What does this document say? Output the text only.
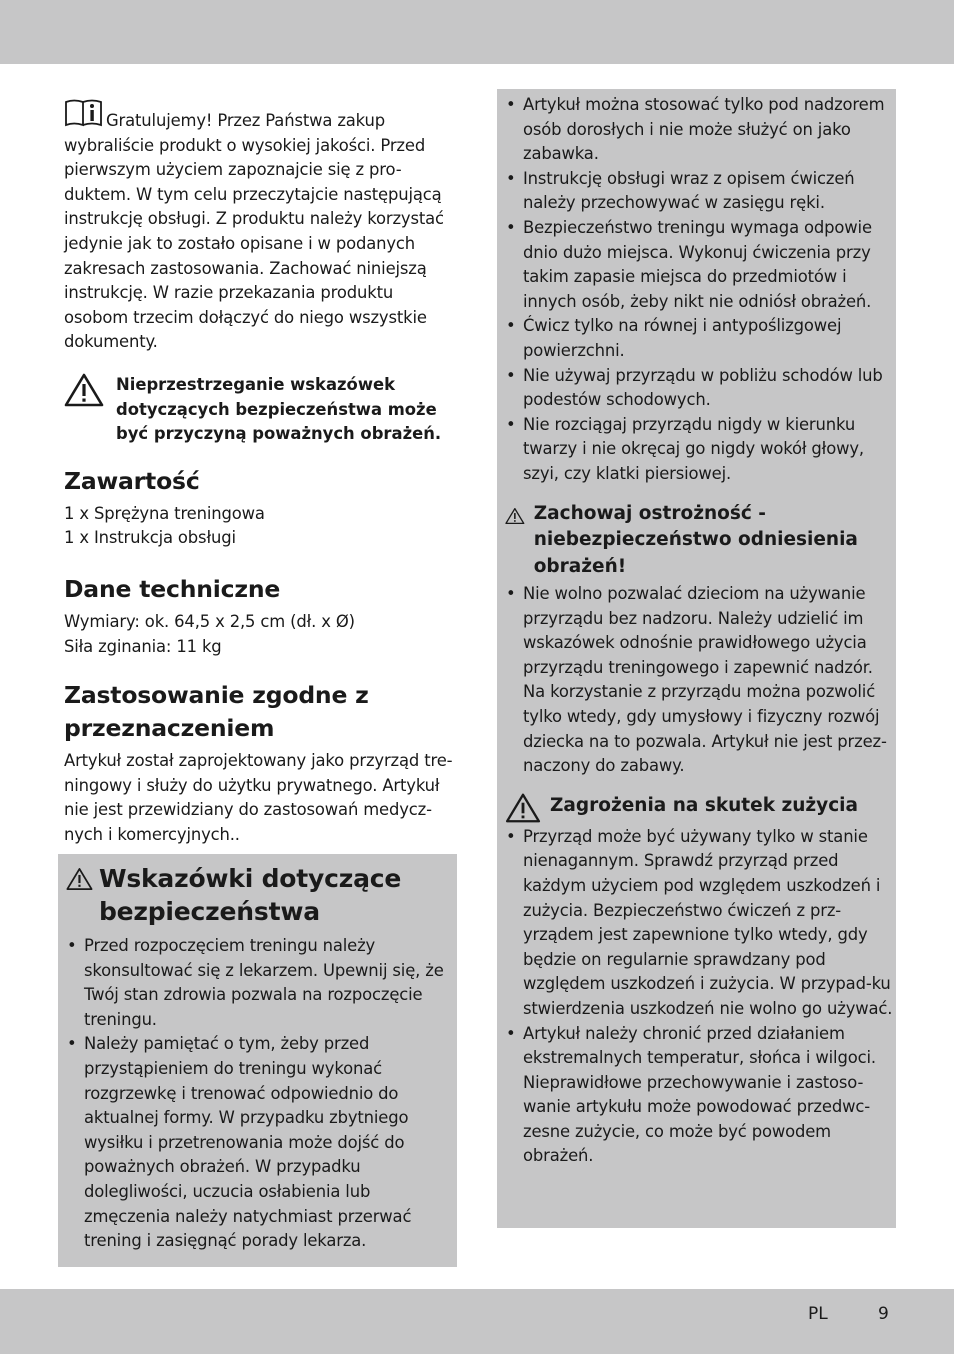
Gratulujemy! Przez Państwa zakup wybraliście produkt o wysokiej jakości. Przed pierwszym użyciem zapoznajcie się z pro-duktem. W tym celu przeczytajcie następującą instrukcję obsługi. Z produktu należy korzystać jedynie jak to zostało opisane i w podanych zakresach zastosowania. Zachować niniejszą instrukcję. W razie przekazania produktu osobom trzecim dołączyć do niego wszystkie dokumenty.

Nieprzestrzeganie wskazówek dotyczących bezpieczeństwa może być przyczyną poważnych obrażeń.
Zawartość
1 x Sprężyna treningowa
1 x Instrukcja obsługi
Dane techniczne
Wymiary: ok. 64,5 x 2,5 cm (dł. x Ø)
Siła zginania: 11 kg
Zastosowanie zgodne z przeznaczeniem

Artykuł został zaprojektowany jako przyrząd tre-ningowy i służy do użytku prywatnego. Artykuł nie jest przewidziany do zastosowań medycz-nych i komercyjnych..

Wskazówki dotyczące bezpieczeństwa
• Przed rozpoczęciem treningu należy skonsultować się z lekarzem. Upewnij się, że Twój stan zdrowia pozwala na rozpoczęcie treningu.
• Należy pamiętać o tym, żeby przed przystąpieniem do treningu wykonać rozgrzewkę i trenować odpowiednio do aktualnej formy. W przypadku zbytniego wysiłku i przetrenowania może dojść do poważnych obrażeń. W przypadku dolegliwości, uczucia osłabienia lub zmęczenia należy natychmiast przerwać trening i zasięgnąć porady lekarza.
• Artykuł można stosować tylko pod nadzorem osób dorosłych i nie może służyć on jako zabawka.
• Instrukcję obsługi wraz z opisem ćwiczeń należy przechowywać w zasięgu ręki.
• Bezpieczeństwo treningu wymaga odpowie dnio dużo miejsca. Wykonuj ćwiczenia przy takim zapasie miejsca do przedmiotów i innych osób, żeby nikt nie odniósł obrażeń.
• Ćwicz tylko na równej i antypoślizgowej powierzchni.
• Nie używaj przyrządu w pobliżu schodów lub podestów schodowych.
• Nie rozciągaj przyrządu nigdy w kierunku twarzy i nie okręcaj go nigdy wokół głowy, szyi, czy klatki piersiowej.
Zachowaj ostrożność - niebezpieczeństwo odniesienia obrażeń!
• Nie wolno pozwalać dzieciom na używanie przyrządu bez nadzoru. Należy udzielić im wskazówek odnośnie prawidłowego użycia przyrządu treningowego i zapewnić nadzór. Na korzystanie z przyrządu można pozwolić tylko wtedy, gdy umysłowy i fizyczny rozwój dziecka na to pozwala. Artykuł nie jest przez-naczony do zabawy.
Zagrożenia na skutek zużycia
• Przyrząd może być używany tylko w stanie nienagannym. Sprawdź przyrząd przed każdym użyciem pod względem uszkodzeń i zużycia. Bezpieczeństwo ćwiczeń z prz-yrządem jest zapewnione tylko wtedy, gdy będzie on regularnie sprawdzany pod względem uszkodzeń i zużycia. W przypad-ku stwierdzenia uszkodzeń nie wolno go używać.
• Artykuł należy chronić przed działaniem ekstremalnych temperatur, słońca i wilgoci. Nieprawidłowe przechowywanie i zastoso-wanie artykułu może powodować przedwc-zesne zużycie, co może być powodem obrażeń.
PL	9
